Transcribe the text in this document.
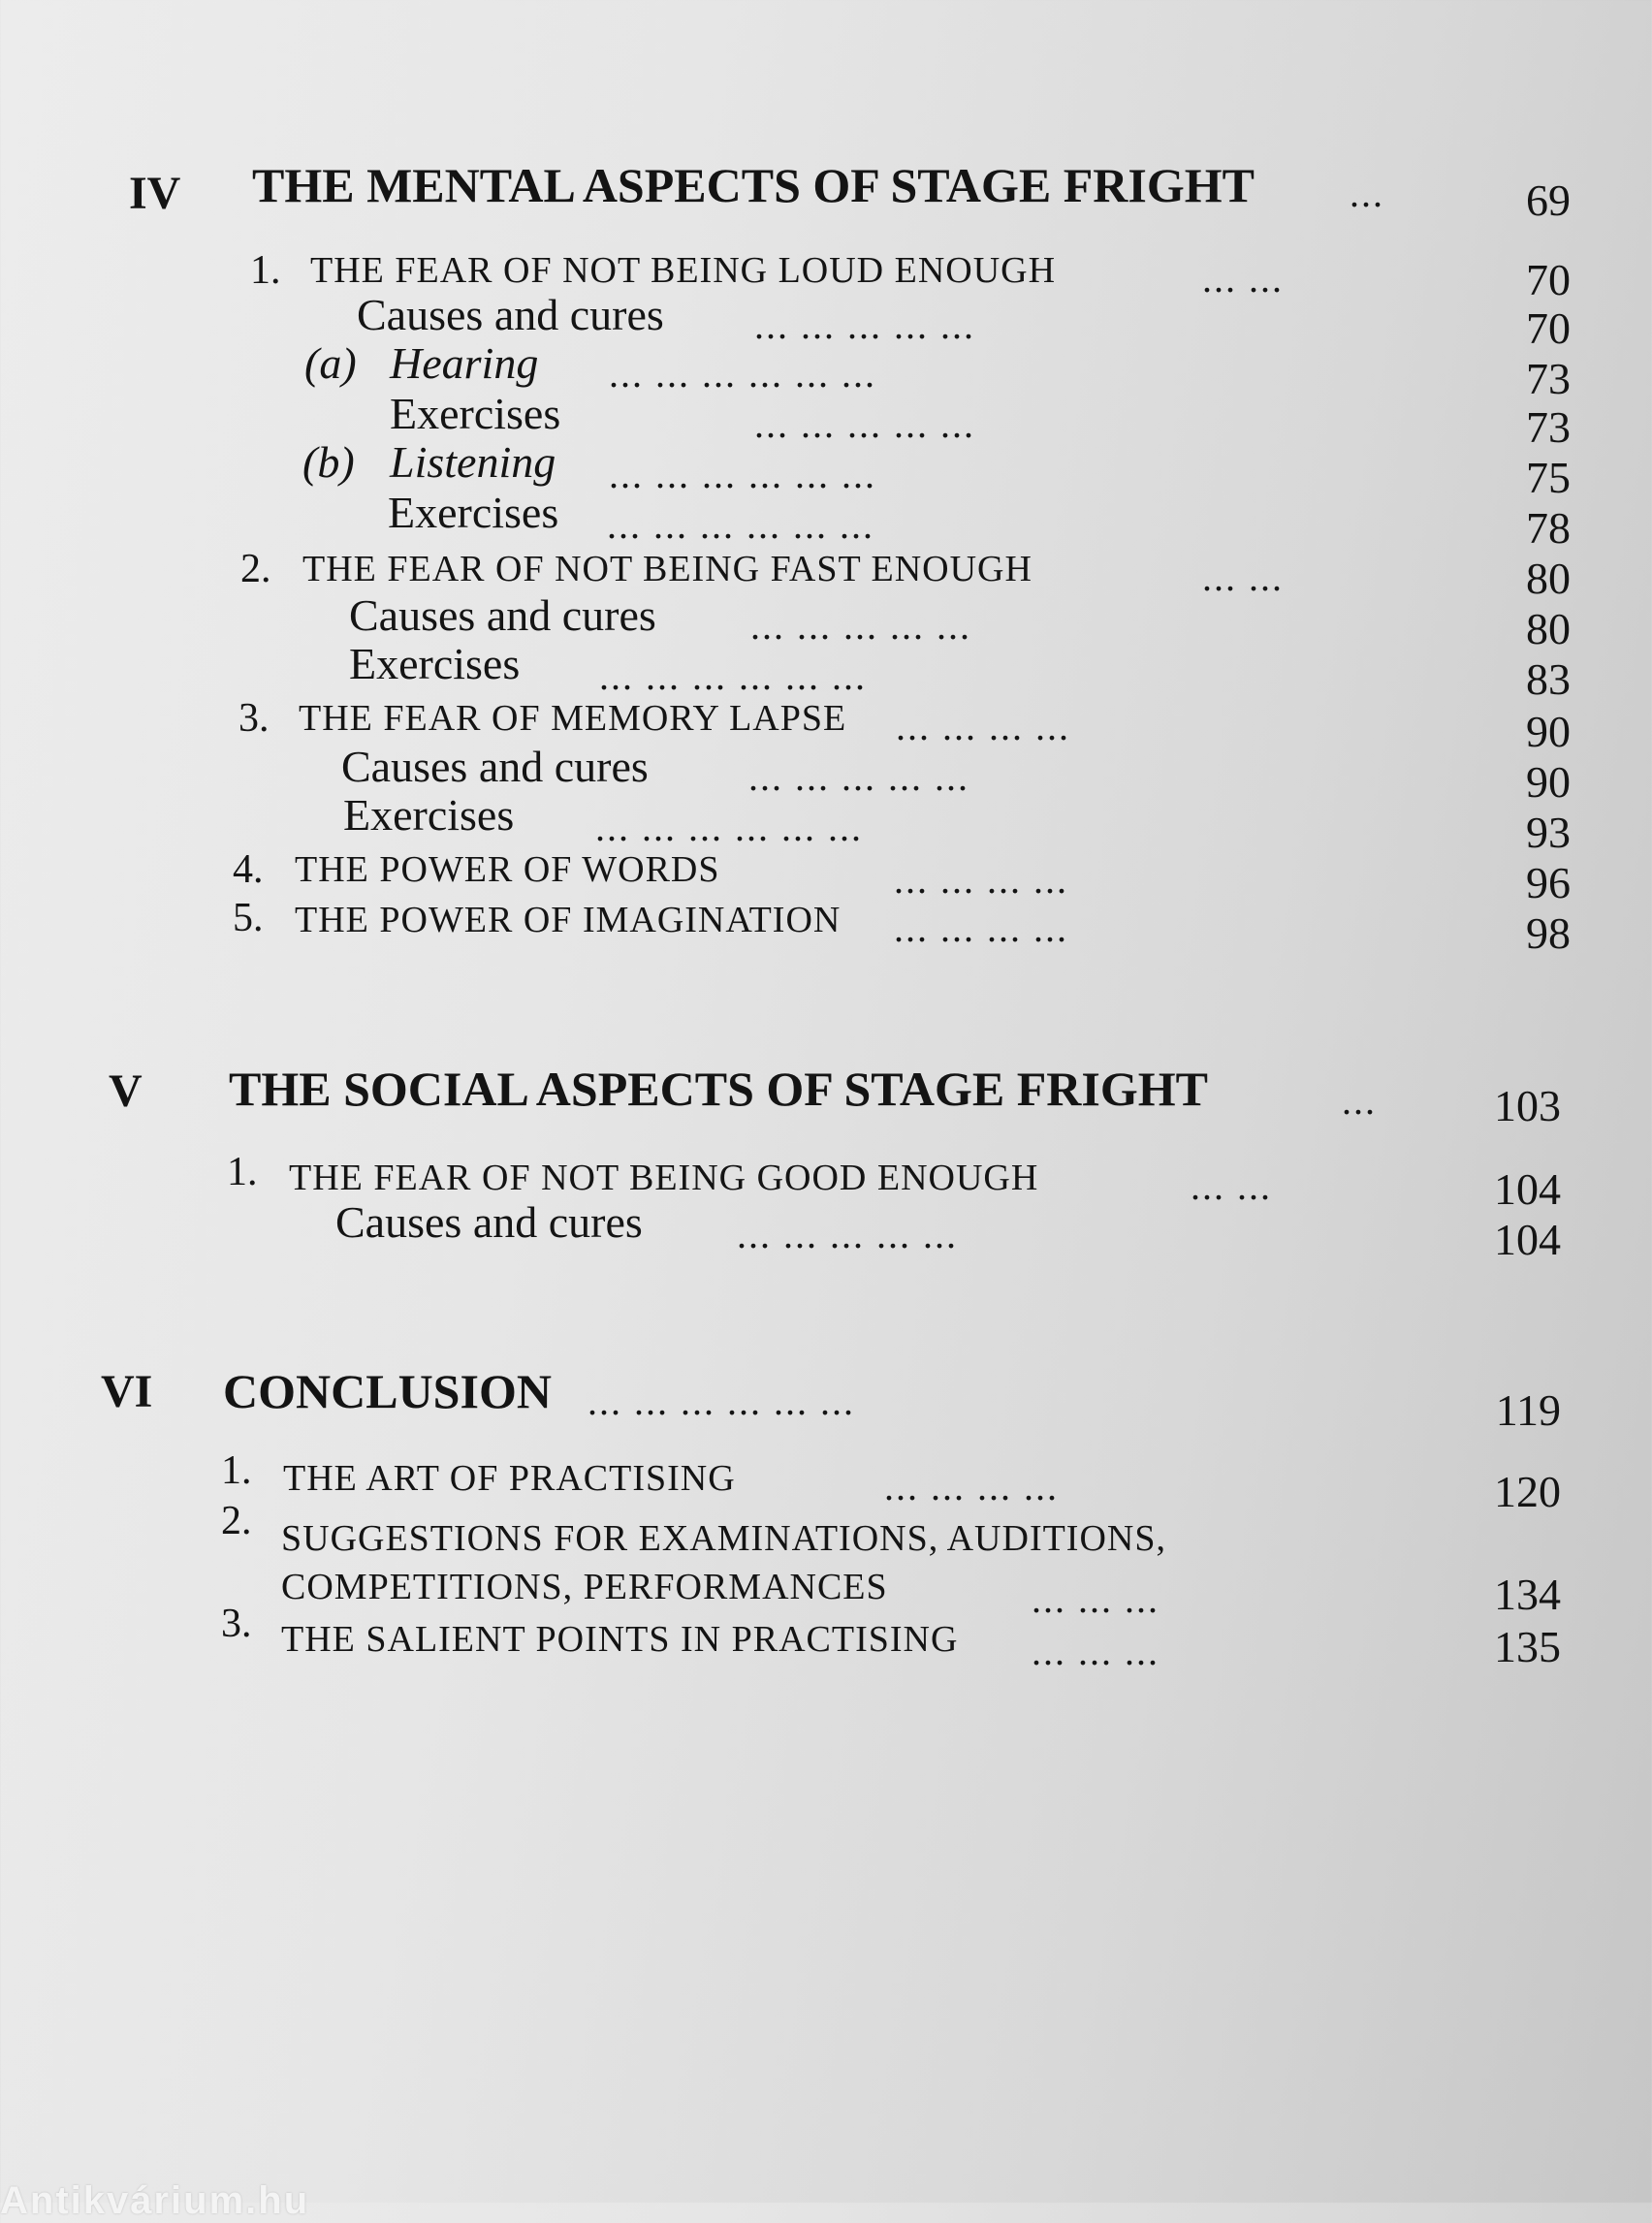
IV THE MENTAL ASPECTS OF STAGE FRIGHT ...	69
1. THE FEAR OF NOT BEING LOUD ENOUGH	... ...	70
Causes and cures ... ... ... ... ...	70
(a) Hearing ... ... ... ... ... ...	73
Exercises	... ... ... ... ...	73
(b) Listening ... ... ... ... ... ...	75
Exercises ... ... ... ... ... ...	78
2. THE FEAR OF NOT BEING FAST ENOUGH	... ...	80
Causes and cures ... ... ... ... ...	80
Exercises ... ... ... ... ... ...	83
3. THE FEAR OF MEMORY LAPSE ... ... ... ...	90
Causes and cures	... ... ... ... ...	90
Exercises ... ... ... ... ... ...	93
4. THE POWER OF WORDS	... ... ... ...	96
5. THE POWER OF IMAGINATION ... ... ... ...	98
V THE SOCIAL ASPECTS OF STAGE FRIGHT	...	103
1. THE FEAR OF NOT BEING GOOD ENOUGH	... ...	104
Causes and cures ... ... ... ... ...	104
VI CONCLUSION ... ... ... ... ... ...	119
1. THE ART OF PRACTISING	... ... ... ...	120
2. SUGGESTIONS FOR EXAMINATIONS, AUDITIONS,
COMPETITIONS, PERFORMANCES	... ... ...	134
3. THE SALIENT POINTS IN PRACTISING ... ... ...	135
Antikvárium.hu
